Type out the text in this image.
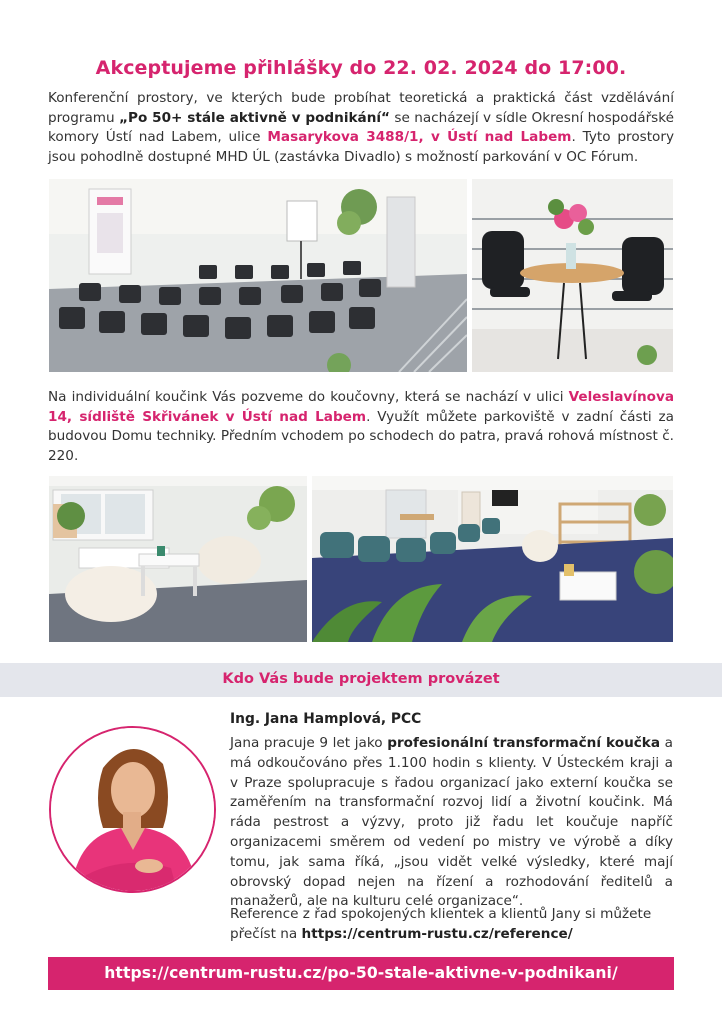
Akceptujeme přihlášky do 22. 02. 2024 do 17:00.
Konferenční prostory, ve kterých bude probíhat teoretická a praktická část vzdělávání programu „Po 50+ stále aktivně v podnikání“ se nacházejí v sídle Okresní hospodářské komory Ústí nad Labem, ulice Masarykova 3488/1, v Ústí nad Labem. Tyto prostory jsou pohodlně dostupné MHD ÚL (zastávka Divadlo) s možností parkování v OC Fórum.
Na individuální koučink Vás pozveme do koučovny, která se nachází v ulici Veleslavínova 14, sídliště Skřivánek v Ústí nad Labem. Využít můžete parkoviště v zadní části za budovou Domu techniky. Předním vchodem po schodech do patra, pravá rohová místnost č. 220.
Kdo Vás bude projektem provázet
Ing. Jana Hamplová, PCC
Jana pracuje 9 let jako profesionální transformační koučka a má odkoučováno přes 1.100 hodin s klienty. V Ústeckém kraji a v Praze spolupracuje s řadou organizací jako externí koučka se zaměřením na transformační rozvoj lidí a životní koučink. Má ráda pestrost a výzvy, proto již řadu let koučuje napříč organizacemi směrem od vedení po mistry ve výrobě a díky tomu, jak sama říká, „jsou vidět velké výsledky, které mají obrovský dopad nejen na řízení a rozhodování ředitelů a manažerů, ale na kulturu celé organizace“.
Reference z řad spokojených klientek a klientů Jany si můžete přečíst na https://centrum-rustu.cz/reference/
https://centrum-rustu.cz/po-50-stale-aktivne-v-podnikani/
